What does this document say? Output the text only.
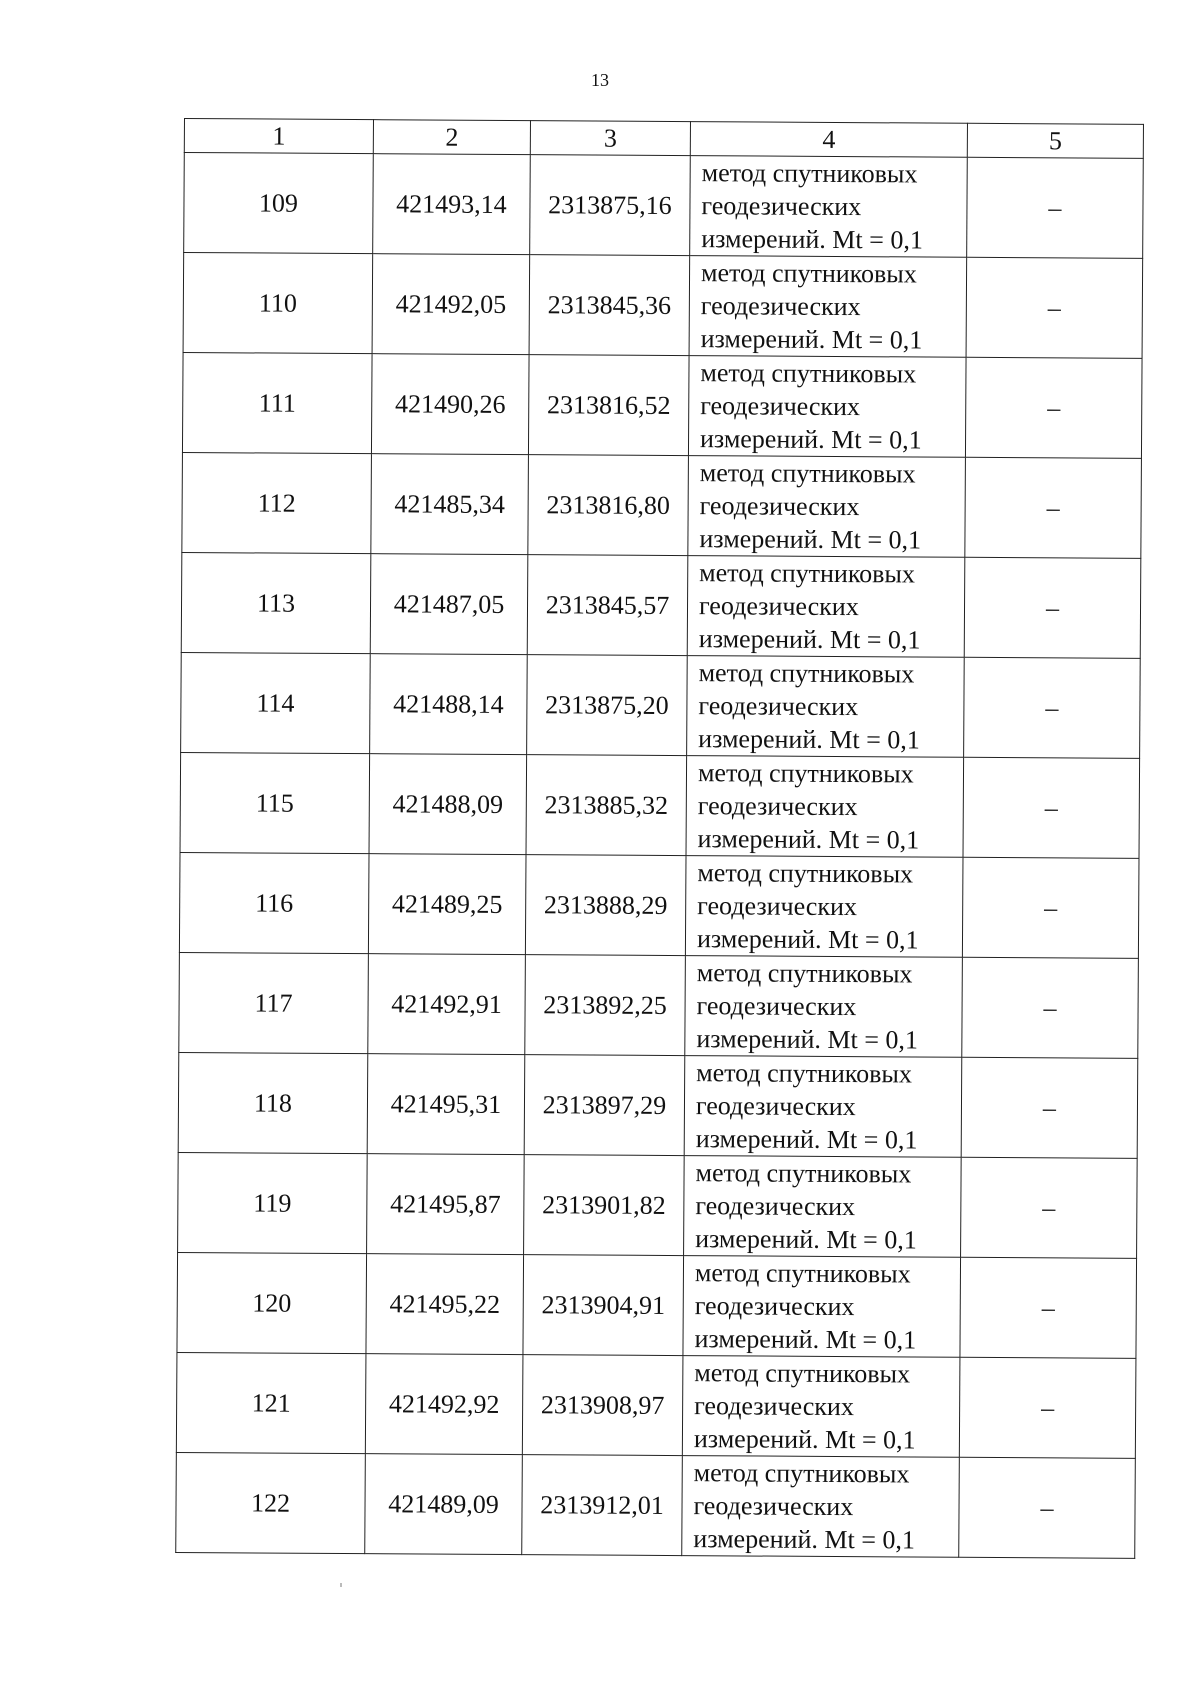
13
1	2	3	4	5
109	421493,14	2313875,16	метод спутниковых
геодезических
измерений. Mt = 0,1	–
110	421492,05	2313845,36	метод спутниковых
геодезических
измерений. Mt = 0,1	–
111	421490,26	2313816,52	метод спутниковых
геодезических
измерений. Mt = 0,1	–
112	421485,34	2313816,80	метод спутниковых
геодезических
измерений. Mt = 0,1	–
113	421487,05	2313845,57	метод спутниковых
геодезических
измерений. Mt = 0,1	–
114	421488,14	2313875,20	метод спутниковых
геодезических
измерений. Mt = 0,1	–
115	421488,09	2313885,32	метод спутниковых
геодезических
измерений. Mt = 0,1	–
116	421489,25	2313888,29	метод спутниковых
геодезических
измерений. Mt = 0,1	–
117	421492,91	2313892,25	метод спутниковых
геодезических
измерений. Mt = 0,1	–
118	421495,31	2313897,29	метод спутниковых
геодезических
измерений. Mt = 0,1	–
119	421495,87	2313901,82	метод спутниковых
геодезических
измерений. Mt = 0,1	–
120	421495,22	2313904,91	метод спутниковых
геодезических
измерений. Mt = 0,1	–
121	421492,92	2313908,97	метод спутниковых
геодезических
измерений. Mt = 0,1	–
122	421489,09	2313912,01	метод спутниковых
геодезических
измерений. Mt = 0,1	–
